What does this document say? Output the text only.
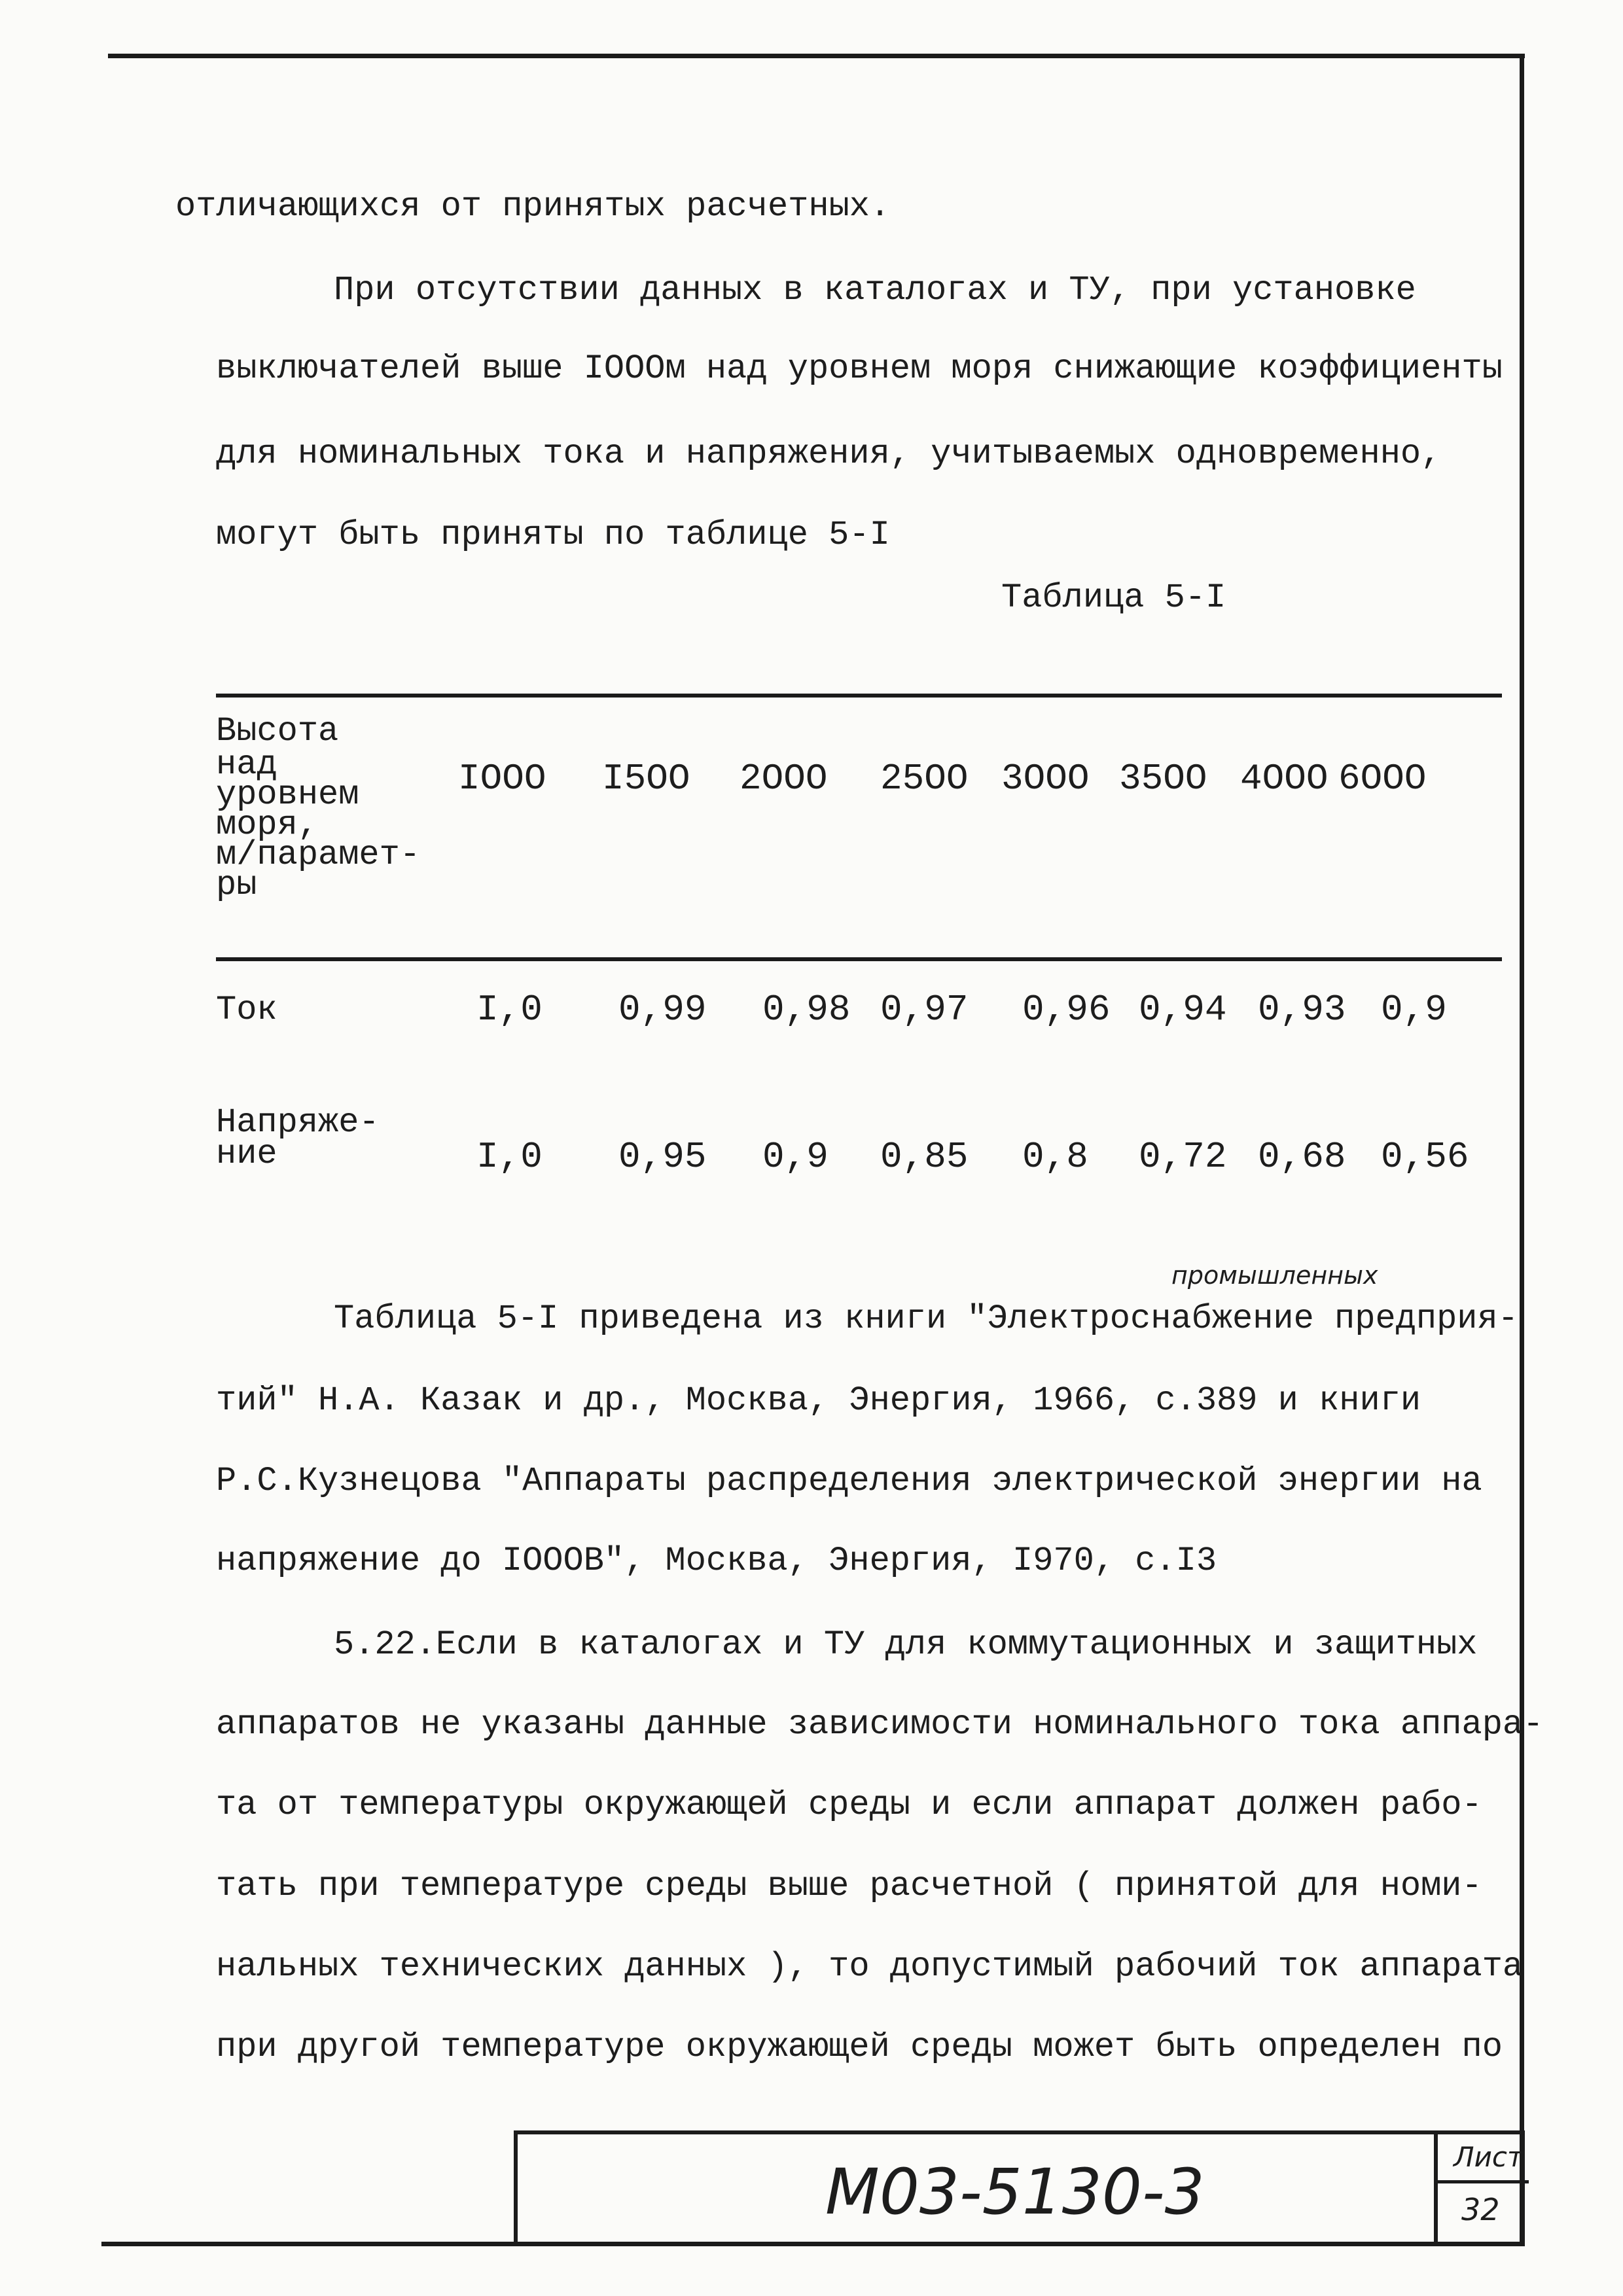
отличающихся от принятых расчетных.
При отсутствии данных в каталогах и ТУ, при установке
выключателей выше IOOOм над уровнем моря снижающие коэффициенты
для номинальных тока и напряжения, учитываемых одновременно,
могут быть приняты по таблице 5-I
Таблица 5-I
Высота
над
уровнем
моря,
м/парамет-
ры
IOOO I5OO 2OOO 25OO 3OOO 35OO 4OOO 6OOO
Ток	I,0 0,99 0,98 0,97 0,96 0,94 0,93 0,9
Напряже-
ние	I,0 0,95 0,9 0,85 0,8 0,72 0,68 0,56
промышленных
Таблица 5-I приведена из книги "Электроснабжение предприя-
тий" Н.А. Казак и др., Москва, Энергия, 1966, с.389 и книги
Р.С.Кузнецова "Аппараты распределения электрической энергии на
напряжение до IOOOВ", Москва, Энергия, I970, с.I3
5.22.Если в каталогах и ТУ для коммутационных и защитных
аппаратов не указаны данные зависимости номинального тока аппара-
та от температуры окружающей среды и если аппарат должен рабо-
тать при температуре среды выше расчетной ( принятой для номи-
нальных технических данных ), то допустимый рабочий ток аппарата
при другой температуре окружающей среды может быть определен по
М03-5130-3	Лист
32
